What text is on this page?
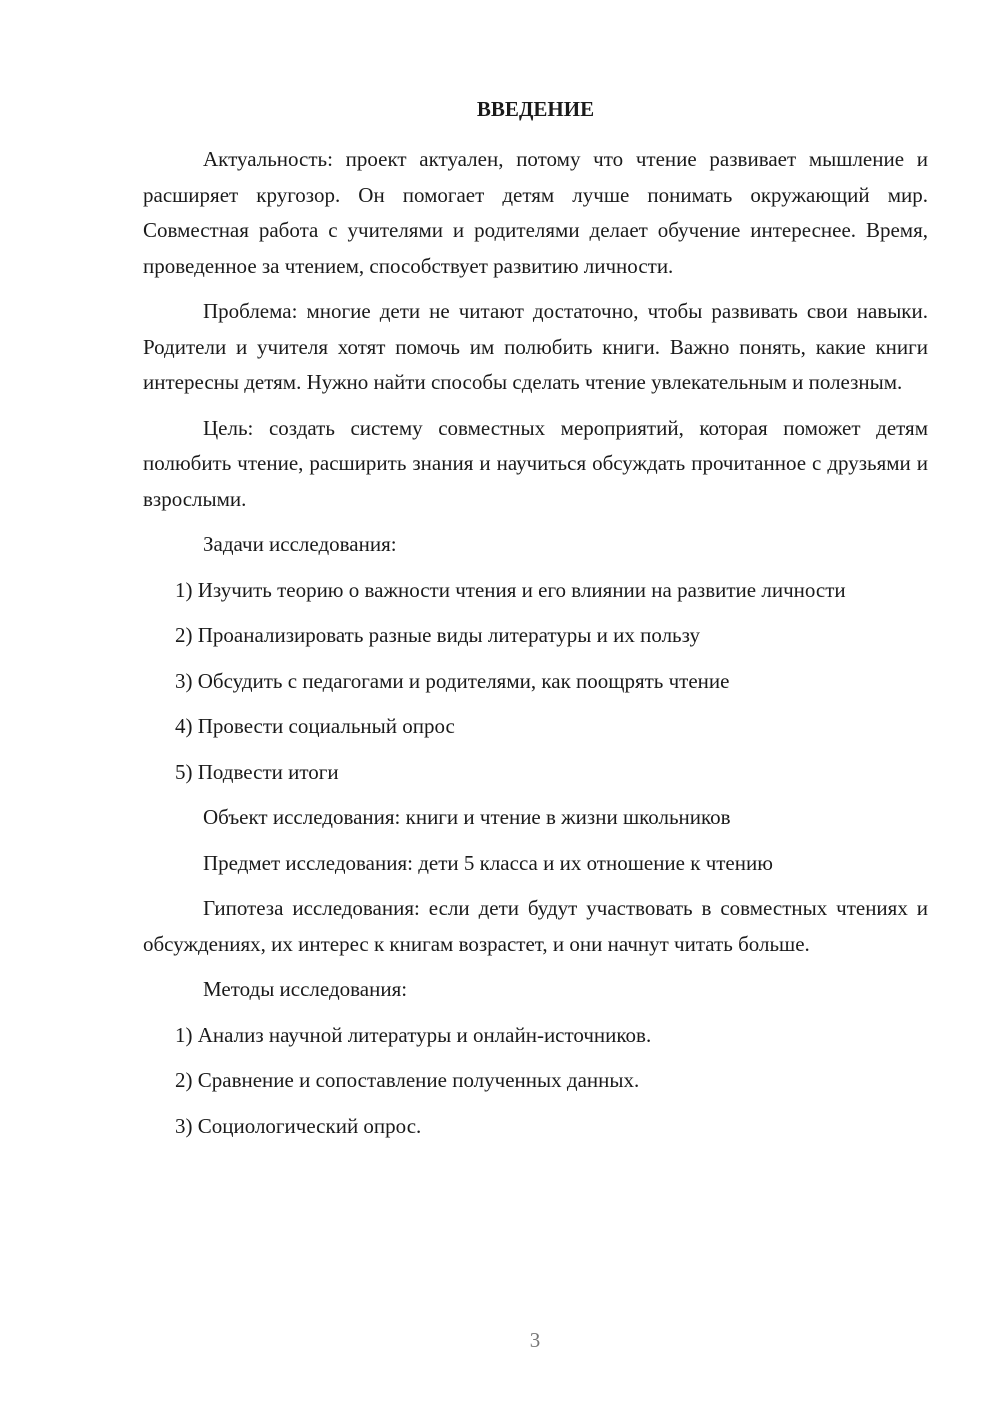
ВВЕДЕНИЕ
Актуальность: проект актуален, потому что чтение развивает мышление и расширяет кругозор. Он помогает детям лучше понимать окружающий мир. Совместная работа с учителями и родителями делает обучение интереснее. Время, проведенное за чтением, способствует развитию личности.
Проблема: многие дети не читают достаточно, чтобы развивать свои навыки. Родители и учителя хотят помочь им полюбить книги. Важно понять, какие книги интересны детям. Нужно найти способы сделать чтение увлекательным и полезным.
Цель: создать систему совместных мероприятий, которая поможет детям полюбить чтение, расширить знания и научиться обсуждать прочитанное с друзьями и взрослыми.
Задачи исследования:
1) Изучить теорию о важности чтения и его влиянии на развитие личности
2) Проанализировать разные виды литературы и их пользу
3) Обсудить с педагогами и родителями, как поощрять чтение
4) Провести социальный опрос
5) Подвести итоги
Объект исследования: книги и чтение в жизни школьников
Предмет исследования: дети 5 класса и их отношение к чтению
Гипотеза исследования: если дети будут участвовать в совместных чтениях и обсуждениях, их интерес к книгам возрастет, и они начнут читать больше.
Методы исследования:
1) Анализ научной литературы и онлайн-источников.
2) Сравнение и сопоставление полученных данных.
3) Социологический опрос.
3
